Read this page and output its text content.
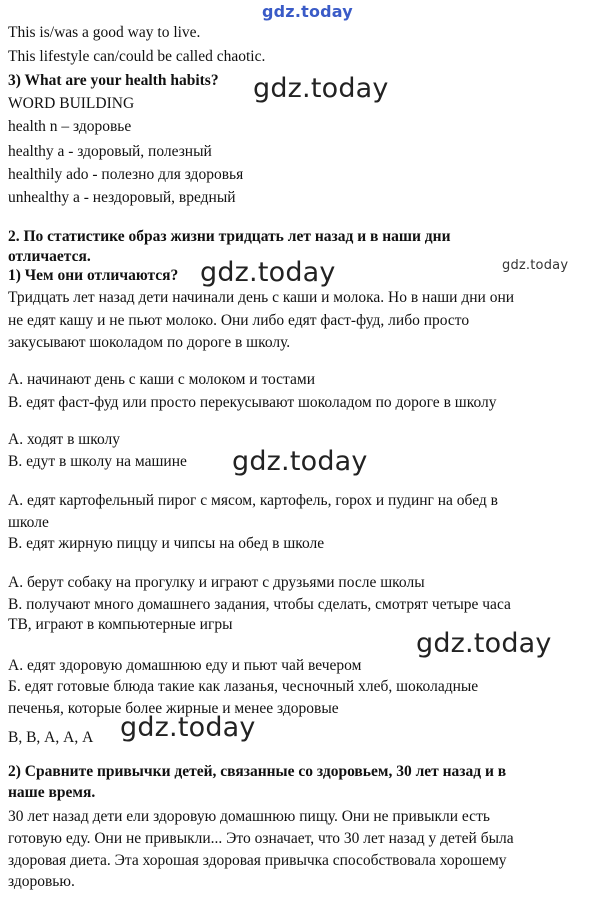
gdz.today
gdz.today
gdz.today	gdz.today
gdz.today
gdz.today
gdz.today
This is/was a good way to live.
This lifestyle can/could be called chaotic.
3) What are your health habits?
WORD BUILDING
health n – здоровье
healthy a - здоровый, полезный
healthily ado - полезно для здоровья
unhealthy a - нездоровый, вредный
2. По статистике образ жизни тридцать лет назад и в наши дни
отличается.
1) Чем они отличаются?
Тридцать лет назад дети начинали день с каши и молока. Но в наши дни они
не едят кашу и не пьют молоко. Они либо едят фаст-фуд, либо просто
закусывают шоколадом по дороге в школу.
А. начинают день с каши с молоком и тостами
В. едят фаст-фуд или просто перекусывают шоколадом по дороге в школу
А. ходят в школу
В. едут в школу на машине
А. едят картофельный пирог с мясом, картофель, горох и пудинг на обед в
школе
В. едят жирную пиццу и чипсы на обед в школе
А. берут собаку на прогулку и играют с друзьями после школы
В. получают много домашнего задания, чтобы сделать, смотрят четыре часа
ТВ, играют в компьютерные игры
А. едят здоровую домашнюю еду и пьют чай вечером
Б. едят готовые блюда такие как лазанья, чесночный хлеб, шоколадные
печенья, которые более жирные и менее здоровые
В, В, А, А, А
2) Сравните привычки детей, связанные со здоровьем, 30 лет назад и в
наше время.
30 лет назад дети ели здоровую домашнюю пищу. Они не привыкли есть
готовую еду. Они не привыкли... Это означает, что 30 лет назад у детей была
здоровая диета. Эта хорошая здоровая привычка способствовала хорошему
здоровью.
